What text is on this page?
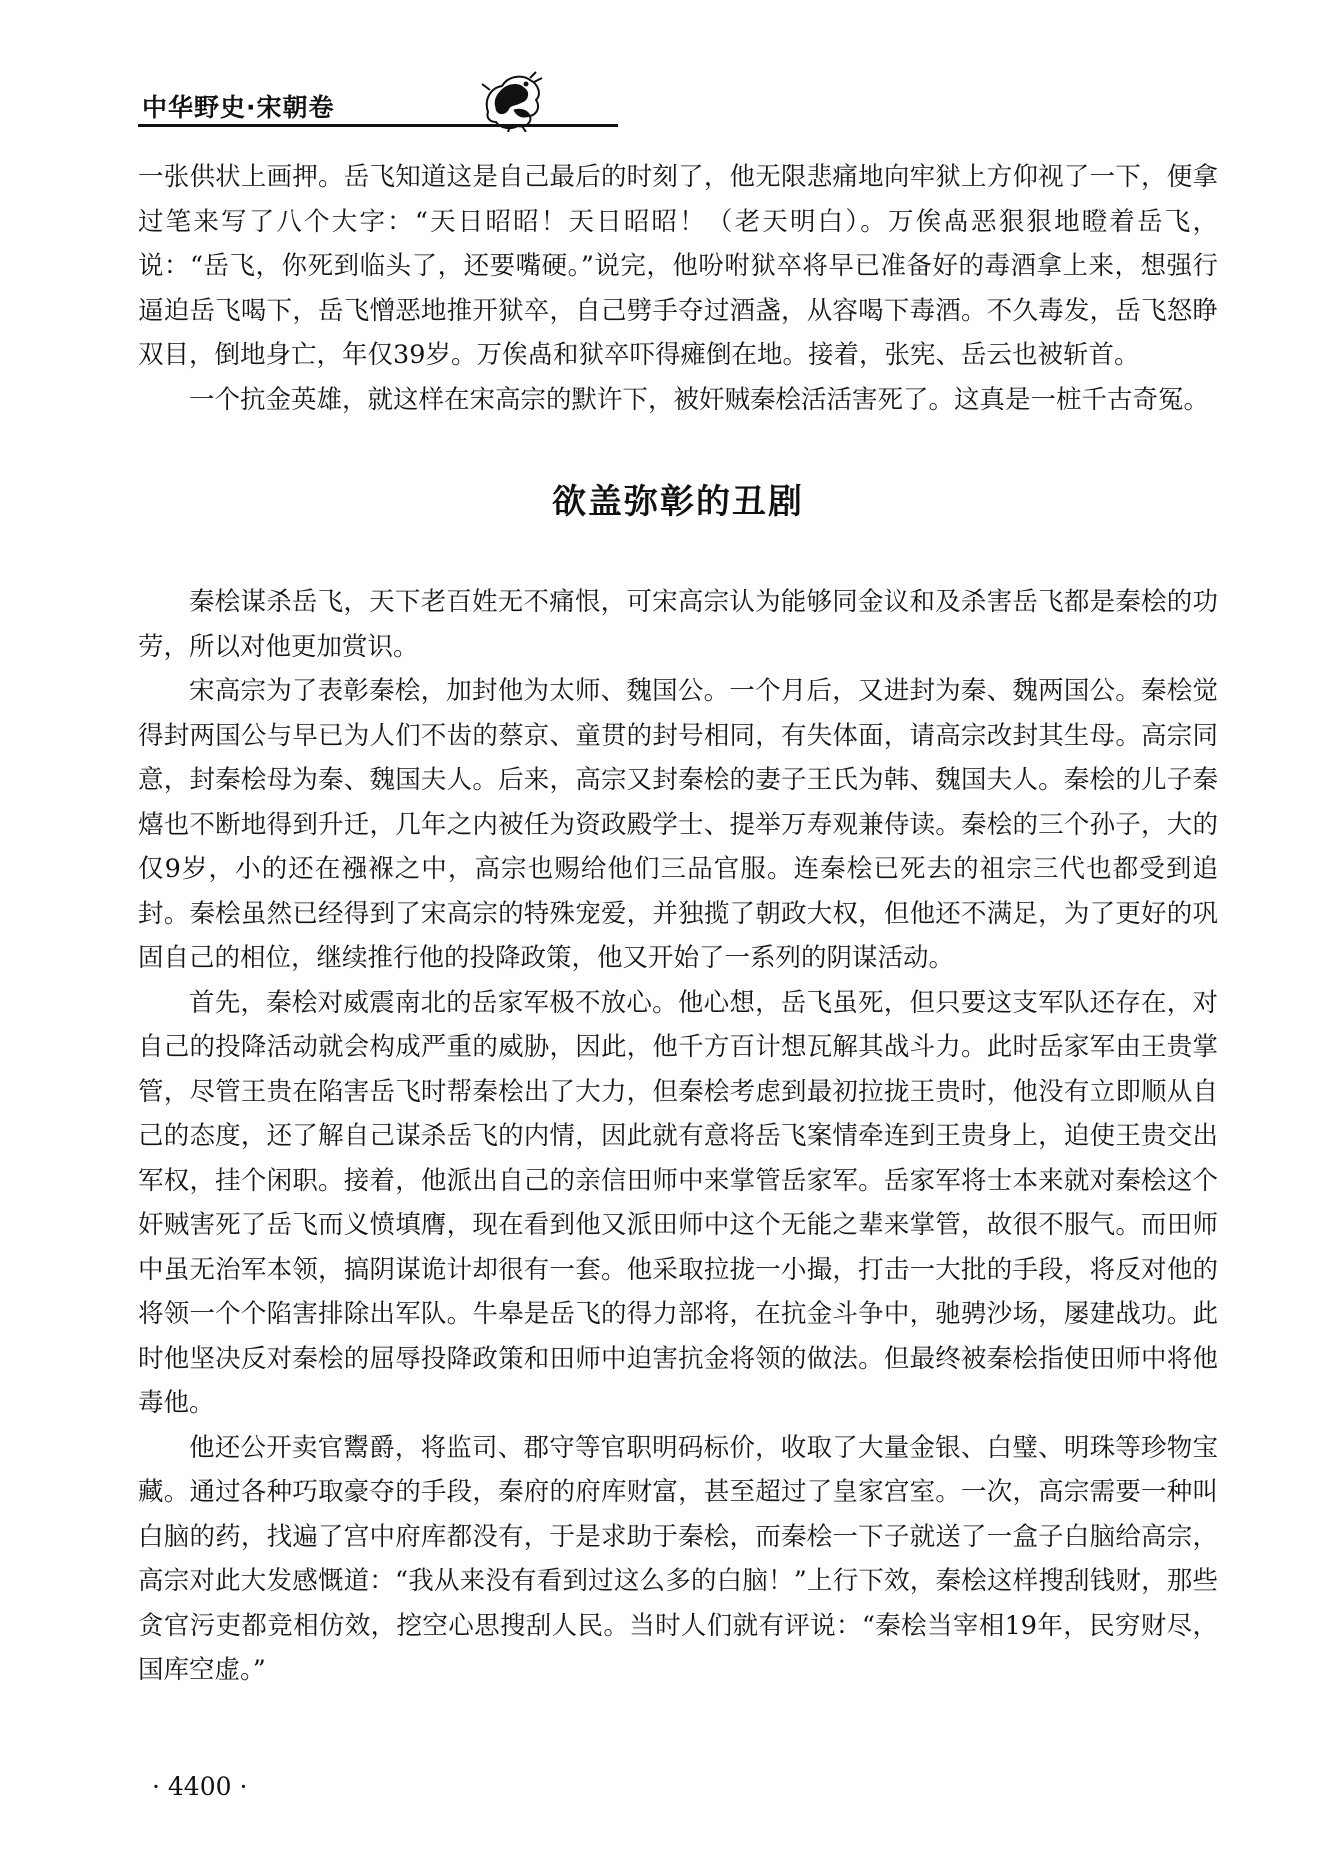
中华野史·宋朝卷

一张供状上画押。岳飞知道这是自己最后的时刻了，他无限悲痛地向牢狱上方仰视了一下，便拿过笔来写了八个大字：“天日昭昭！天日昭昭！（老天明白）。万俟卨恶狠狠地瞪着岳飞，说：“岳飞，你死到临头了，还要嘴硬。”说完，他吩咐狱卒将早已准备好的毒酒拿上来，想强行逼迫岳飞喝下，岳飞憎恶地推开狱卒，自己劈手夺过酒盏，从容喝下毒酒。不久毒发，岳飞怒睁双目，倒地身亡，年仅39岁。万俟卨和狱卒吓得瘫倒在地。接着，张宪、岳云也被斩首。

一个抗金英雄，就这样在宋高宗的默许下，被奸贼秦桧活活害死了。这真是一桩千古奇冤。

欲盖弥彰的丑剧

秦桧谋杀岳飞，天下老百姓无不痛恨，可宋高宗认为能够同金议和及杀害岳飞都是秦桧的功劳，所以对他更加赏识。

宋高宗为了表彰秦桧，加封他为太师、魏国公。一个月后，又进封为秦、魏两国公。秦桧觉得封两国公与早已为人们不齿的蔡京、童贯的封号相同，有失体面，请高宗改封其生母。高宗同意，封秦桧母为秦、魏国夫人。后来，高宗又封秦桧的妻子王氏为韩、魏国夫人。秦桧的儿子秦熺也不断地得到升迁，几年之内被任为资政殿学士、提举万寿观兼侍读。秦桧的三个孙子，大的仅9岁，小的还在襁褓之中，高宗也赐给他们三品官服。连秦桧已死去的祖宗三代也都受到追封。秦桧虽然已经得到了宋高宗的特殊宠爱，并独揽了朝政大权，但他还不满足，为了更好的巩固自己的相位，继续推行他的投降政策，他又开始了一系列的阴谋活动。

首先，秦桧对威震南北的岳家军极不放心。他心想，岳飞虽死，但只要这支军队还存在，对自己的投降活动就会构成严重的威胁，因此，他千方百计想瓦解其战斗力。此时岳家军由王贵掌管，尽管王贵在陷害岳飞时帮秦桧出了大力，但秦桧考虑到最初拉拢王贵时，他没有立即顺从自己的态度，还了解自己谋杀岳飞的内情，因此就有意将岳飞案情牵连到王贵身上，迫使王贵交出军权，挂个闲职。接着，他派出自己的亲信田师中来掌管岳家军。岳家军将士本来就对秦桧这个奸贼害死了岳飞而义愤填膺，现在看到他又派田师中这个无能之辈来掌管，故很不服气。而田师中虽无治军本领，搞阴谋诡计却很有一套。他采取拉拢一小撮，打击一大批的手段，将反对他的将领一个个陷害排除出军队。牛皋是岳飞的得力部将，在抗金斗争中，驰骋沙场，屡建战功。此时他坚决反对秦桧的屈辱投降政策和田师中迫害抗金将领的做法。但最终被秦桧指使田师中将他毒他。

他还公开卖官鬻爵，将监司、郡守等官职明码标价，收取了大量金银、白璧、明珠等珍物宝藏。通过各种巧取豪夺的手段，秦府的府库财富，甚至超过了皇家宫室。一次，高宗需要一种叫白脑的药，找遍了宫中府库都没有，于是求助于秦桧，而秦桧一下子就送了一盒子白脑给高宗，高宗对此大发感慨道：“我从来没有看到过这么多的白脑！”上行下效，秦桧这样搜刮钱财，那些贪官污吏都竞相仿效，挖空心思搜刮人民。当时人们就有评说：“秦桧当宰相19年，民穷财尽，国库空虚。”

· 4400 ·
